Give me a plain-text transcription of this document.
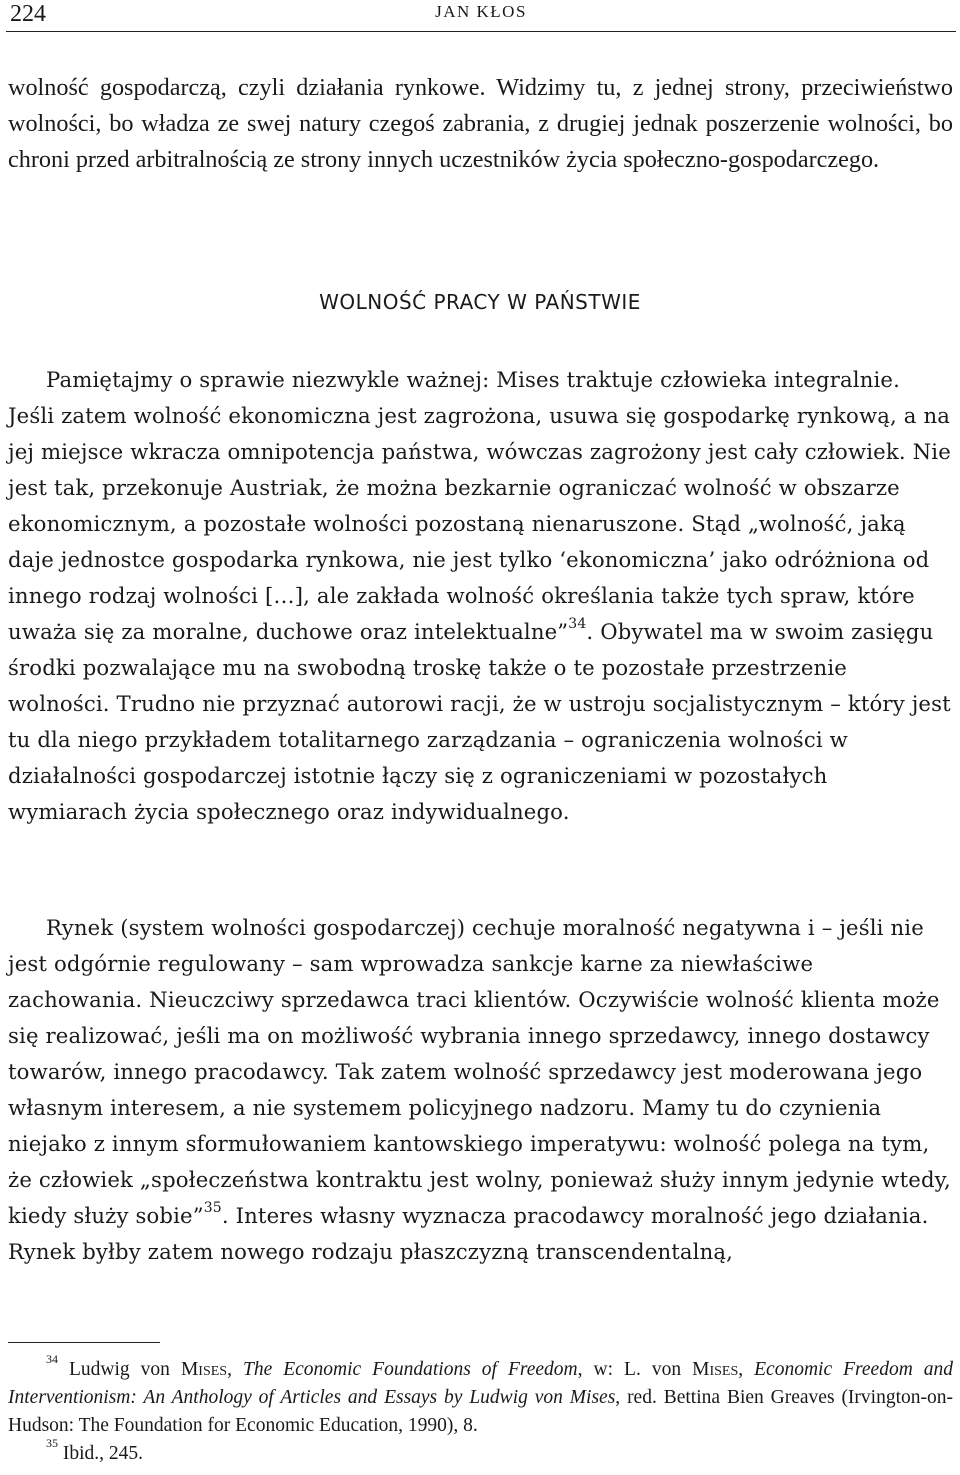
224	JAN KŁOS

wolność gospodarczą, czyli działania rynkowe. Widzimy tu, z jednej strony, przeciwieństwo wolności, bo władza ze swej natury czegoś zabrania, z drugiej jednak poszerzenie wolności, bo chroni przed arbitralnością ze strony innych uczestników życia społeczno-gospodarczego.

WOLNOŚĆ PRACY W PAŃSTWIE

Pamiętajmy o sprawie niezwykle ważnej: Mises traktuje człowieka integralnie. Jeśli zatem wolność ekonomiczna jest zagrożona, usuwa się gospodarkę rynkową, a na jej miejsce wkracza omnipotencja państwa, wówczas zagrożony jest cały człowiek. Nie jest tak, przekonuje Austriak, że można bezkarnie ograniczać wolność w obszarze ekonomicznym, a pozostałe wolności pozostaną nienaruszone. Stąd „wolność, jaką daje jednostce gospodarka rynkowa, nie jest tylko ‘ekonomiczna’ jako odróżniona od innego rodzaj wolności […], ale zakłada wolność określania także tych spraw, które uważa się za moralne, duchowe oraz intelektualne”$^{34}$. Obywatel ma w swoim zasięgu środki pozwalające mu na swobodną troskę także o te pozostałe przestrzenie wolności. Trudno nie przyznać autorowi racji, że w ustroju socjalistycznym – który jest tu dla niego przykładem totalitarnego zarządzania – ograniczenia wolności w działalności gospodarczej istotnie łączy się z ograniczeniami w pozostałych wymiarach życia społecznego oraz indywidualnego.

Rynek (system wolności gospodarczej) cechuje moralność negatywna i – jeśli nie jest odgórnie regulowany – sam wprowadza sankcje karne za niewłaściwe zachowania. Nieuczciwy sprzedawca traci klientów. Oczywiście wolność klienta może się realizować, jeśli ma on możliwość wybrania innego sprzedawcy, innego dostawcy towarów, innego pracodawcy. Tak zatem wolność sprzedawcy jest moderowana jego własnym interesem, a nie systemem policyjnego nadzoru. Mamy tu do czynienia niejako z innym sformułowaniem kantowskiego imperatywu: wolność polega na tym, że człowiek „społeczeństwa kontraktu jest wolny, ponieważ służy innym jedynie wtedy, kiedy służy sobie”$^{35}$. Interes własny wyznacza pracodawcy moralność jego działania. Rynek byłby zatem nowego rodzaju płaszczyzną transcendentalną,

$^{34}$ Ludwig von Mises, The Economic Foundations of Freedom, w: L. von Mises, Economic Freedom and Interventionism: An Anthology of Articles and Essays by Ludwig von Mises, red. Bettina Bien Greaves (Irvington-on-Hudson: The Foundation for Economic Education, 1990), 8.

$^{35}$ Ibid., 245.
